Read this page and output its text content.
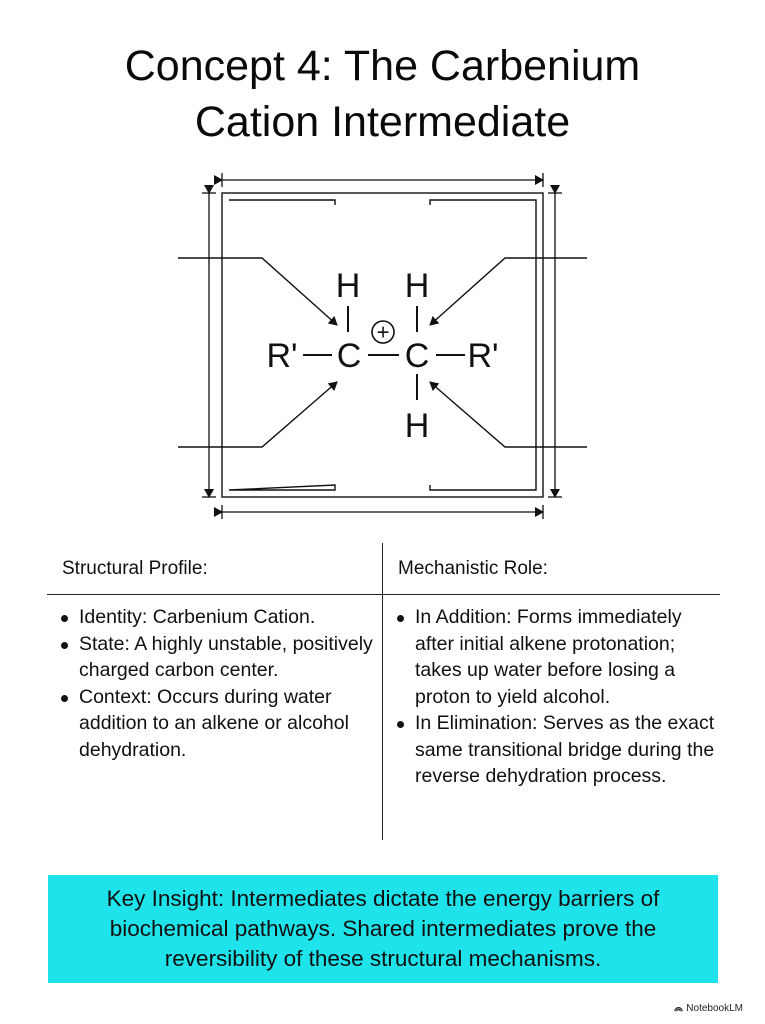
Concept 4: The Carbenium
Cation Intermediate
H H
R' C C R'
H
+
Structural Profile:	Mechanistic Role:
Identity: Carbenium Cation.
State: A highly unstable, positively charged carbon center.
Context: Occurs during water addition to an alkene or alcohol dehydration.
In Addition: Forms immediately after initial alkene protonation; takes up water before losing a proton to yield alcohol.
In Elimination: Serves as the exact same transitional bridge during the reverse dehydration process.
Key Insight: Intermediates dictate the energy barriers of biochemical pathways. Shared intermediates prove the reversibility of these structural mechanisms.
NotebookLM
